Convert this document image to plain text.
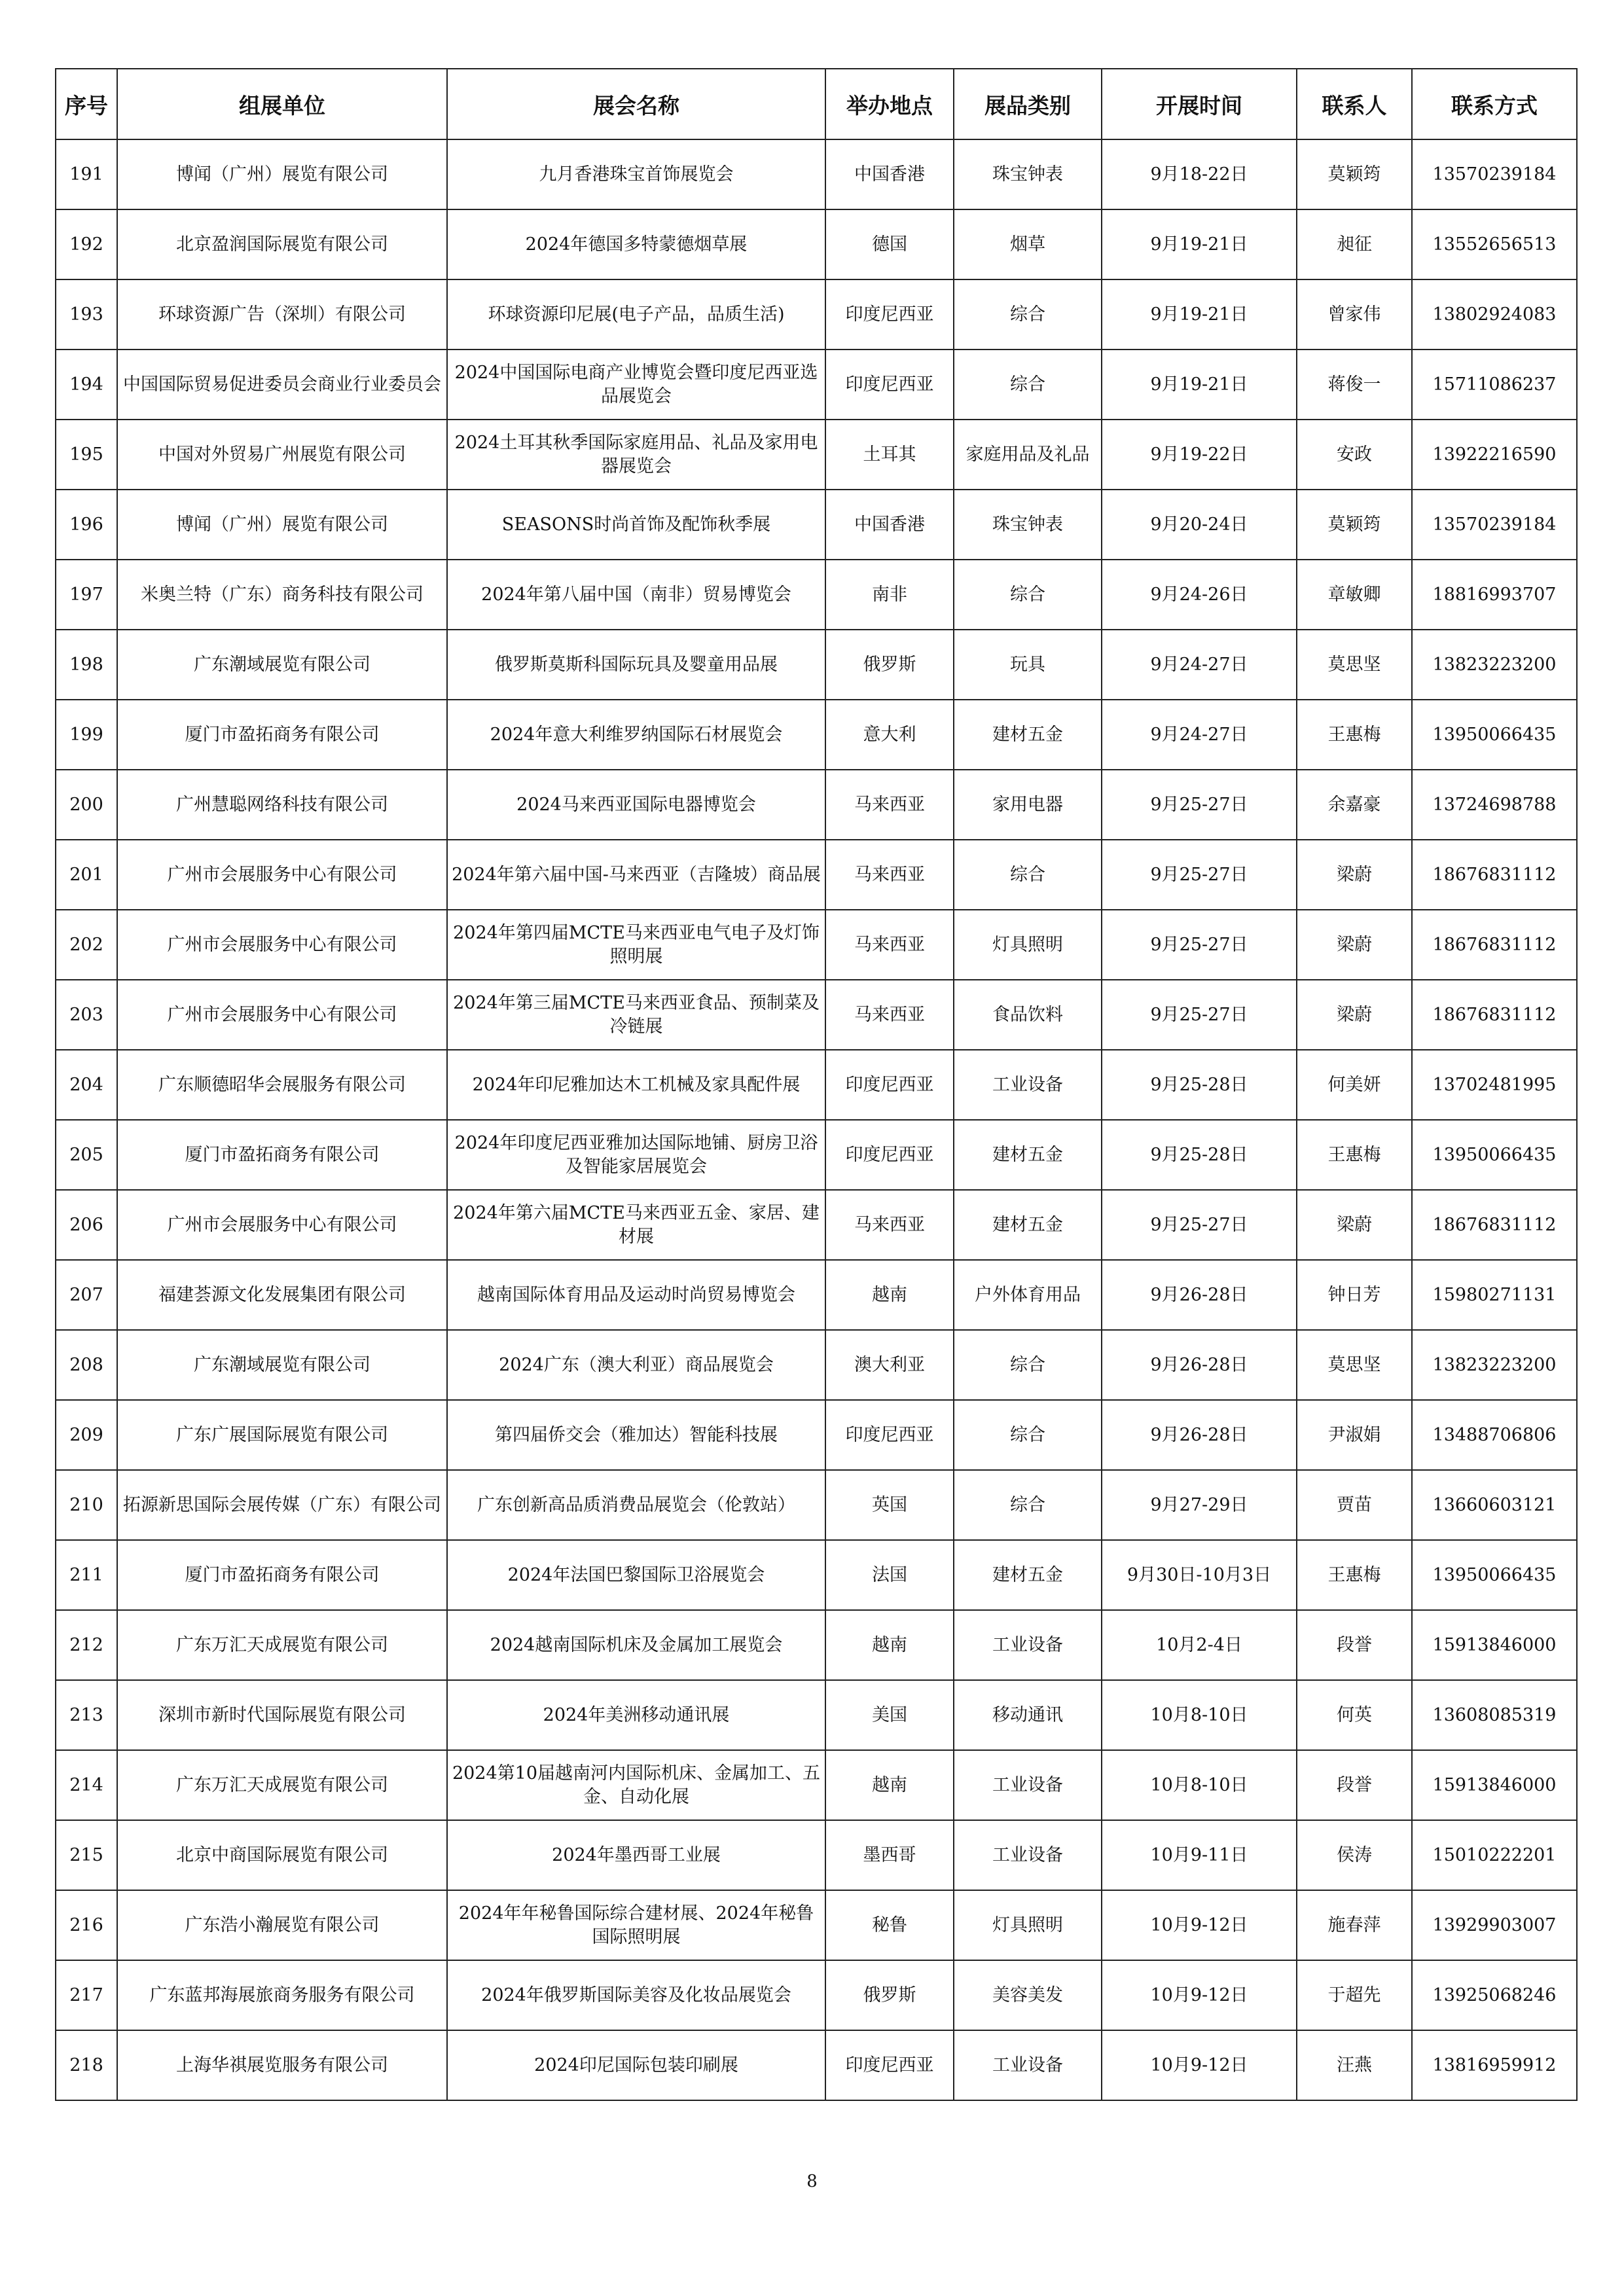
序号	组展单位	展会名称	举办地点	展品类别	开展时间	联系人	联系方式
191	博闻（广州）展览有限公司	九月香港珠宝首饰展览会	中国香港	珠宝钟表	9月18-22日	莫颖筠	13570239184
192	北京盈润国际展览有限公司	2024年德国多特蒙德烟草展	德国	烟草	9月19-21日	昶征	13552656513
193	环球资源广告（深圳）有限公司	环球资源印尼展(电子产品，品质生活)	印度尼西亚	综合	9月19-21日	曾家伟	13802924083
194	中国国际贸易促进委员会商业行业委员会	2024中国国际电商产业博览会暨印度尼西亚选品展览会	印度尼西亚	综合	9月19-21日	蒋俊一	15711086237
195	中国对外贸易广州展览有限公司	2024土耳其秋季国际家庭用品、礼品及家用电器展览会	土耳其	家庭用品及礼品	9月19-22日	安政	13922216590
196	博闻（广州）展览有限公司	SEASONS时尚首饰及配饰秋季展	中国香港	珠宝钟表	9月20-24日	莫颖筠	13570239184
197	米奥兰特（广东）商务科技有限公司	2024年第八届中国（南非）贸易博览会	南非	综合	9月24-26日	章敏卿	18816993707
198	广东潮域展览有限公司	俄罗斯莫斯科国际玩具及婴童用品展	俄罗斯	玩具	9月24-27日	莫思坚	13823223200
199	厦门市盈拓商务有限公司	2024年意大利维罗纳国际石材展览会	意大利	建材五金	9月24-27日	王惠梅	13950066435
200	广州慧聪网络科技有限公司	2024马来西亚国际电器博览会	马来西亚	家用电器	9月25-27日	余嘉豪	13724698788
201	广州市会展服务中心有限公司	2024年第六届中国-马来西亚（吉隆坡）商品展	马来西亚	综合	9月25-27日	梁蔚	18676831112
202	广州市会展服务中心有限公司	2024年第四届MCTE马来西亚电气电子及灯饰照明展	马来西亚	灯具照明	9月25-27日	梁蔚	18676831112
203	广州市会展服务中心有限公司	2024年第三届MCTE马来西亚食品、预制菜及冷链展	马来西亚	食品饮料	9月25-27日	梁蔚	18676831112
204	广东顺德昭华会展服务有限公司	2024年印尼雅加达木工机械及家具配件展	印度尼西亚	工业设备	9月25-28日	何美妍	13702481995
205	厦门市盈拓商务有限公司	2024年印度尼西亚雅加达国际地铺、厨房卫浴及智能家居展览会	印度尼西亚	建材五金	9月25-28日	王惠梅	13950066435
206	广州市会展服务中心有限公司	2024年第六届MCTE马来西亚五金、家居、建材展	马来西亚	建材五金	9月25-27日	梁蔚	18676831112
207	福建荟源文化发展集团有限公司	越南国际体育用品及运动时尚贸易博览会	越南	户外体育用品	9月26-28日	钟日芳	15980271131
208	广东潮域展览有限公司	2024广东（澳大利亚）商品展览会	澳大利亚	综合	9月26-28日	莫思坚	13823223200
209	广东广展国际展览有限公司	第四届侨交会（雅加达）智能科技展	印度尼西亚	综合	9月26-28日	尹淑娟	13488706806
210	拓源新思国际会展传媒（广东）有限公司	广东创新高品质消费品展览会（伦敦站）	英国	综合	9月27-29日	贾苗	13660603121
211	厦门市盈拓商务有限公司	2024年法国巴黎国际卫浴展览会	法国	建材五金	9月30日-10月3日	王惠梅	13950066435
212	广东万汇天成展览有限公司	2024越南国际机床及金属加工展览会	越南	工业设备	10月2-4日	段誉	15913846000
213	深圳市新时代国际展览有限公司	2024年美洲移动通讯展	美国	移动通讯	10月8-10日	何英	13608085319
214	广东万汇天成展览有限公司	2024第10届越南河内国际机床、金属加工、五金、自动化展	越南	工业设备	10月8-10日	段誉	15913846000
215	北京中商国际展览有限公司	2024年墨西哥工业展	墨西哥	工业设备	10月9-11日	侯涛	15010222201
216	广东浩小瀚展览有限公司	2024年年秘鲁国际综合建材展、2024年秘鲁国际照明展	秘鲁	灯具照明	10月9-12日	施春萍	13929903007
217	广东蓝邦海展旅商务服务有限公司	2024年俄罗斯国际美容及化妆品展览会	俄罗斯	美容美发	10月9-12日	于超先	13925068246
218	上海华祺展览服务有限公司	2024印尼国际包装印刷展	印度尼西亚	工业设备	10月9-12日	汪燕	13816959912
8
